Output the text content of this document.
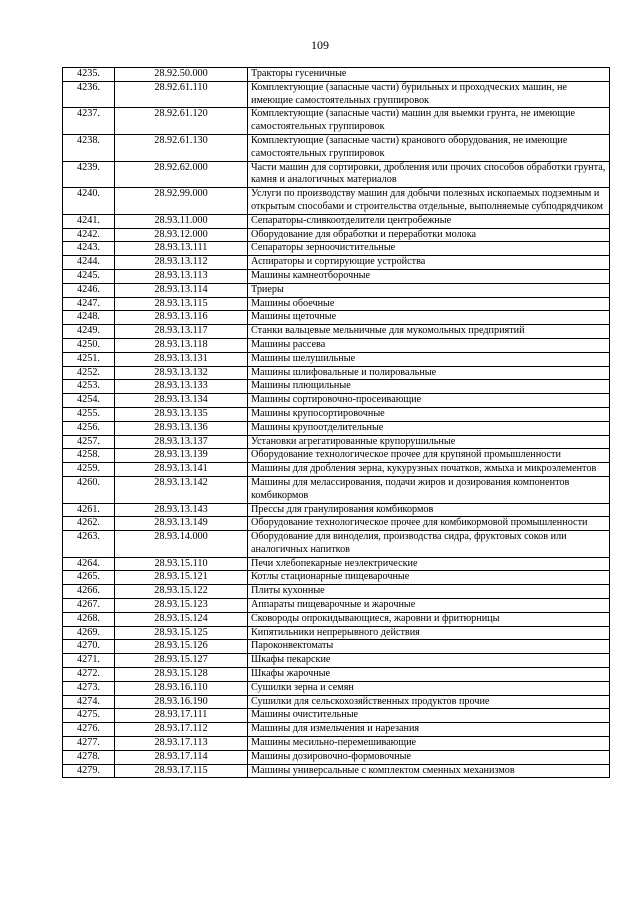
109
4235.	28.92.50.000	Тракторы гусеничные
4236.	28.92.61.110	Комплектующие (запасные части) бурильных и проходческих машин, не имеющие самостоятельных группировок
4237.	28.92.61.120	Комплектующие (запасные части) машин для выемки грунта, не имеющие самостоятельных группировок
4238.	28.92.61.130	Комплектующие (запасные части) кранового оборудования, не имеющие самостоятельных группировок
4239.	28.92.62.000	Части машин для сортировки, дробления или прочих способов обработки грунта, камня и аналогичных материалов
4240.	28.92.99.000	Услуги по производству машин для добычи полезных ископаемых подземным и открытым способами и строительства отдельные, выполняемые субподрядчиком
4241.	28.93.11.000	Сепараторы-сливкоотделители центробежные
4242.	28.93.12.000	Оборудование для обработки и переработки молока
4243.	28.93.13.111	Сепараторы зерноочистительные
4244.	28.93.13.112	Аспираторы и сортирующие устройства
4245.	28.93.13.113	Машины камнеотборочные
4246.	28.93.13.114	Триеры
4247.	28.93.13.115	Машины обоечные
4248.	28.93.13.116	Машины щеточные
4249.	28.93.13.117	Станки вальцевые мельничные для мукомольных предприятий
4250.	28.93.13.118	Машины рассева
4251.	28.93.13.131	Машины шелушильные
4252.	28.93.13.132	Машины шлифовальные и полировальные
4253.	28.93.13.133	Машины плющильные
4254.	28.93.13.134	Машины сортировочно-просеивающие
4255.	28.93.13.135	Машины крупосортировочные
4256.	28.93.13.136	Машины крупоотделительные
4257.	28.93.13.137	Установки агрегатированные крупорушильные
4258.	28.93.13.139	Оборудование технологическое прочее для крупяной промышленности
4259.	28.93.13.141	Машины для дробления зерна, кукурузных початков, жмыха и микроэлементов
4260.	28.93.13.142	Машины для мелассирования, подачи жиров и дозирования компонентов комбикормов
4261.	28.93.13.143	Прессы для гранулирования комбикормов
4262.	28.93.13.149	Оборудование технологическое прочее для комбикормовой промышленности
4263.	28.93.14.000	Оборудование для виноделия, производства сидра, фруктовых соков или аналогичных напитков
4264.	28.93.15.110	Печи хлебопекарные неэлектрические
4265.	28.93.15.121	Котлы стационарные пищеварочные
4266.	28.93.15.122	Плиты кухонные
4267.	28.93.15.123	Аппараты пищеварочные и жарочные
4268.	28.93.15.124	Сковороды опрокидывающиеся, жаровни и фритюрницы
4269.	28.93.15.125	Кипятильники непрерывного действия
4270.	28.93.15.126	Пароконвектоматы
4271.	28.93.15.127	Шкафы пекарские
4272.	28.93.15.128	Шкафы жарочные
4273.	28.93.16.110	Сушилки зерна и семян
4274.	28.93.16.190	Сушилки для сельскохозяйственных продуктов прочие
4275.	28.93.17.111	Машины очистительные
4276.	28.93.17.112	Машины для измельчения и нарезания
4277.	28.93.17.113	Машины месильно-перемешивающие
4278.	28.93.17.114	Машины дозировочно-формовочные
4279.	28.93.17.115	Машины универсальные с комплектом сменных механизмов
